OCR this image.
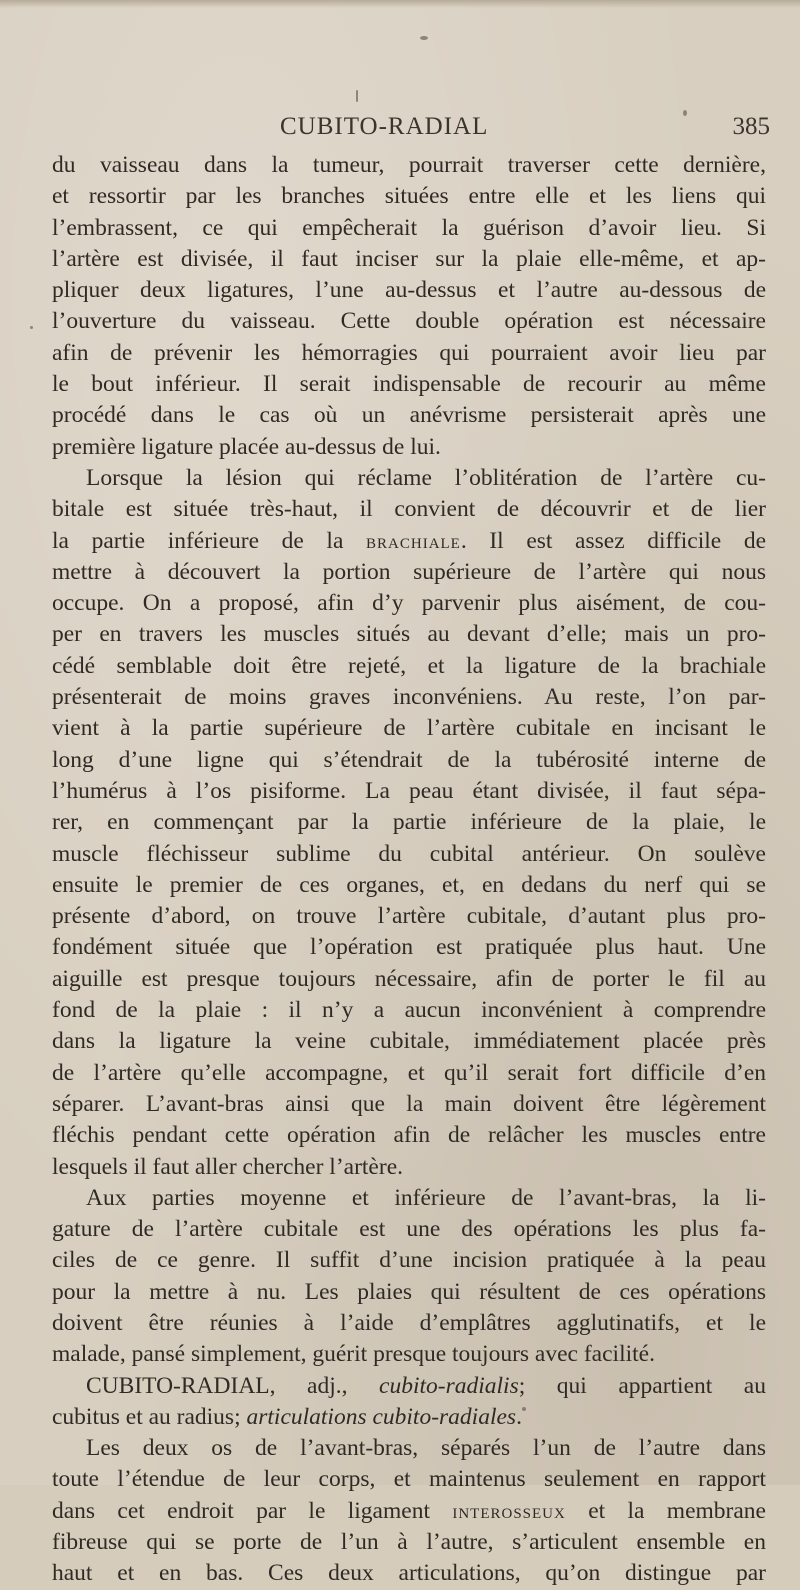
CUBITO-RADIAL	385
du vaisseau dans la tumeur, pourrait traverser cette dernière,
et ressortir par les branches situées entre elle et les liens qui
l’embrassent, ce qui empêcherait la guérison d’avoir lieu. Si
l’artère est divisée, il faut inciser sur la plaie elle-même, et ap-
pliquer deux ligatures, l’une au-dessus et l’autre au-dessous de
l’ouverture du vaisseau. Cette double opération est nécessaire
afin de prévenir les hémorragies qui pourraient avoir lieu par
le bout inférieur. Il serait indispensable de recourir au même
procédé dans le cas où un anévrisme persisterait après une
première ligature placée au-dessus de lui.
Lorsque la lésion qui réclame l’oblitération de l’artère cu-
bitale est située très-haut, il convient de découvrir et de lier
la partie inférieure de la brachiale. Il est assez difficile de
mettre à découvert la portion supérieure de l’artère qui nous
occupe. On a proposé, afin d’y parvenir plus aisément, de cou-
per en travers les muscles situés au devant d’elle; mais un pro-
cédé semblable doit être rejeté, et la ligature de la brachiale
présenterait de moins graves inconvéniens. Au reste, l’on par-
vient à la partie supérieure de l’artère cubitale en incisant le
long d’une ligne qui s’étendrait de la tubérosité interne de
l’humérus à l’os pisiforme. La peau étant divisée, il faut sépa-
rer, en commençant par la partie inférieure de la plaie, le
muscle fléchisseur sublime du cubital antérieur. On soulève
ensuite le premier de ces organes, et, en dedans du nerf qui se
présente d’abord, on trouve l’artère cubitale, d’autant plus pro-
fondément située que l’opération est pratiquée plus haut. Une
aiguille est presque toujours nécessaire, afin de porter le fil au
fond de la plaie : il n’y a aucun inconvénient à comprendre
dans la ligature la veine cubitale, immédiatement placée près
de l’artère qu’elle accompagne, et qu’il serait fort difficile d’en
séparer. L’avant-bras ainsi que la main doivent être légèrement
fléchis pendant cette opération afin de relâcher les muscles entre
lesquels il faut aller chercher l’artère.
Aux parties moyenne et inférieure de l’avant-bras, la li-
gature de l’artère cubitale est une des opérations les plus fa-
ciles de ce genre. Il suffit d’une incision pratiquée à la peau
pour la mettre à nu. Les plaies qui résultent de ces opérations
doivent être réunies à l’aide d’emplâtres agglutinatifs, et le
malade, pansé simplement, guérit presque toujours avec facilité.
CUBITO-RADIAL, adj., cubito-radialis; qui appartient au
cubitus et au radius; articulations cubito-radiales.
Les deux os de l’avant-bras, séparés l’un de l’autre dans
toute l’étendue de leur corps, et maintenus seulement en rapport
dans cet endroit par le ligament interosseux et la membrane
fibreuse qui se porte de l’un à l’autre, s’articulent ensemble en
haut et en bas. Ces deux articulations, qu’on distingue par
